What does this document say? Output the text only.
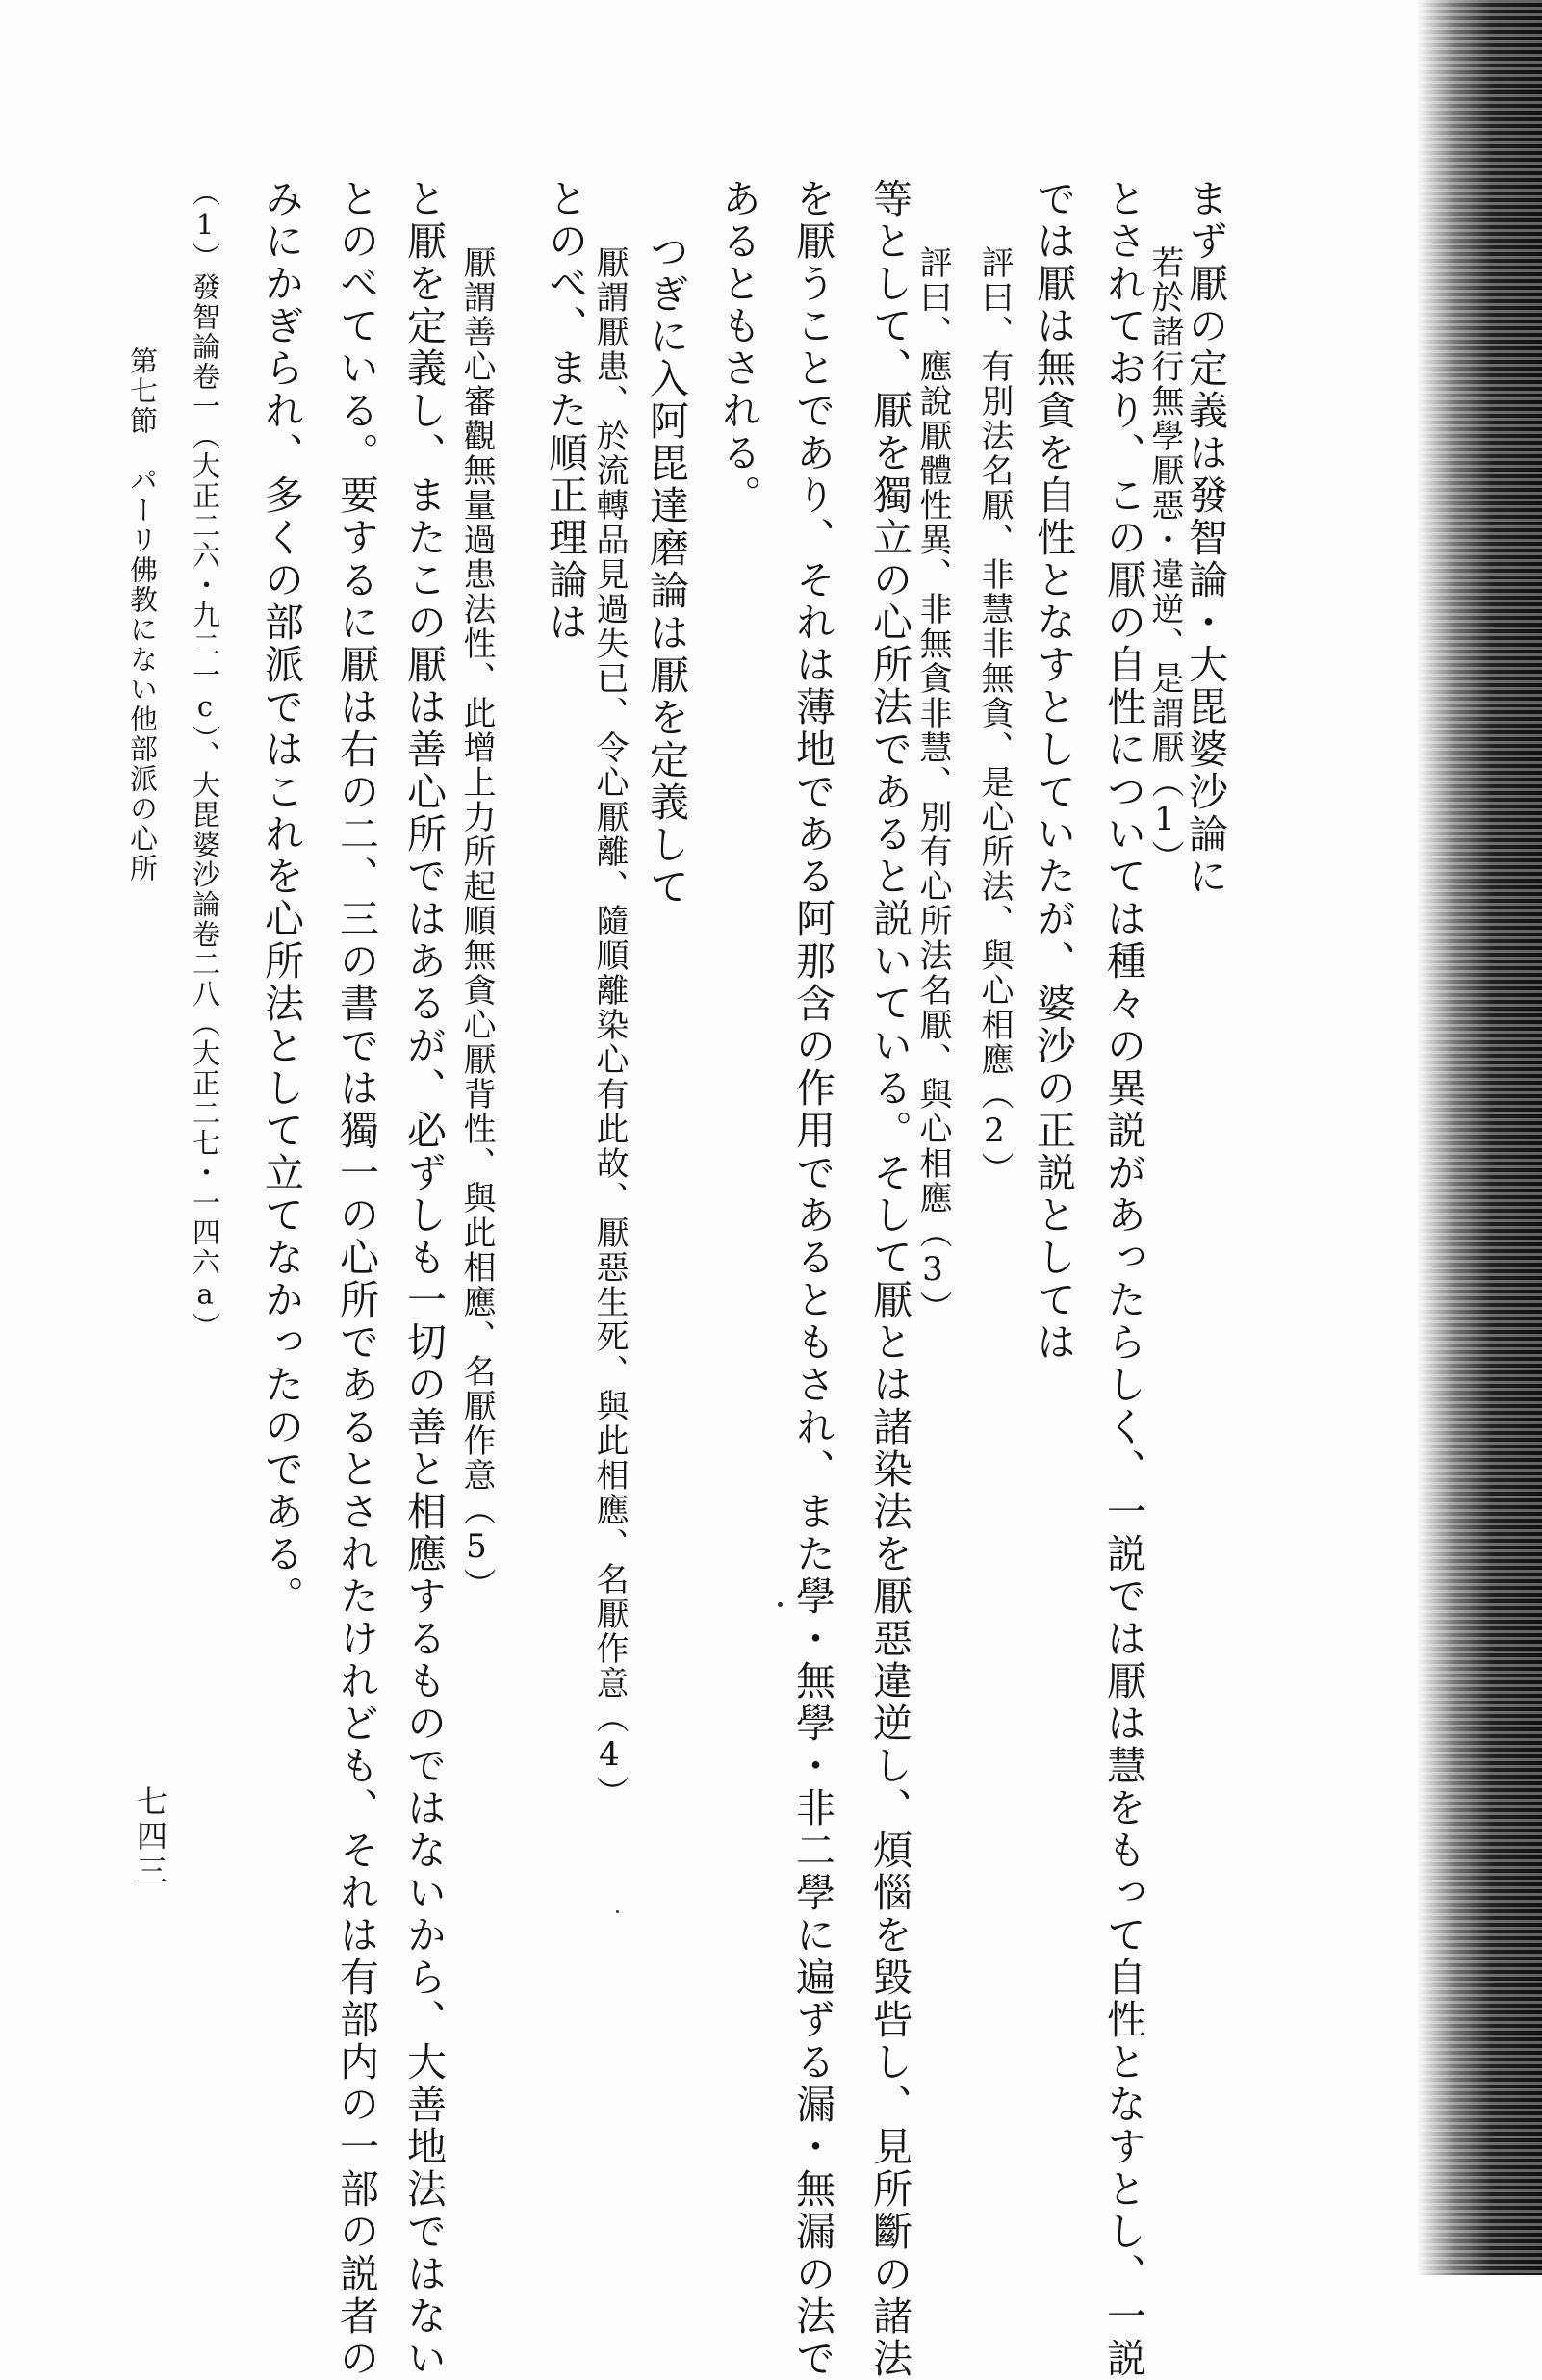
まず厭の定義は發智論・大毘婆沙論に

若於諸行無學厭惡・違逆、是謂厭（1）

とされており、この厭の自性については種々の異説があったらしく、一説では厭は慧をもって自性となすとし、一説

では厭は無貪を自性となすとしていたが、婆沙の正説としては

評曰、有別法名厭、非慧非無貪、是心所法、與心相應（2）

評曰、應說厭體性異、非無貪非慧、別有心所法名厭、與心相應（3）

等として、厭を獨立の心所法であると説いている。そして厭とは諸染法を厭惡違逆し、煩惱を毀呰し、見所斷の諸法

を厭うことであり、それは薄地である阿那含の作用であるともされ、また學・無學・非二學に遍ずる漏・無漏の法で

あるともされる。

つぎに入阿毘達磨論は厭を定義して

厭謂厭患、於流轉品見過失已、令心厭離、隨順離染心有此故、厭惡生死、與此相應、名厭作意（4）

とのべ、また順正理論は

厭謂善心審觀無量過患法性、此增上力所起順無貪心厭背性、與此相應、名厭作意（5）

と厭を定義し、またこの厭は善心所ではあるが、必ずしも一切の善と相應するものではないから、大善地法ではない

とのべている。要するに厭は右の二、三の書では獨一の心所であるとされたけれども、それは有部内の一部の説者の

みにかぎられ、多くの部派ではこれを心所法として立てなかったのである。

（1）發智論卷一（大正二六・九二一c）、大毘婆沙論卷二八（大正二七・一四六a）

第七節　パーリ佛教にない他部派の心所

七四三
